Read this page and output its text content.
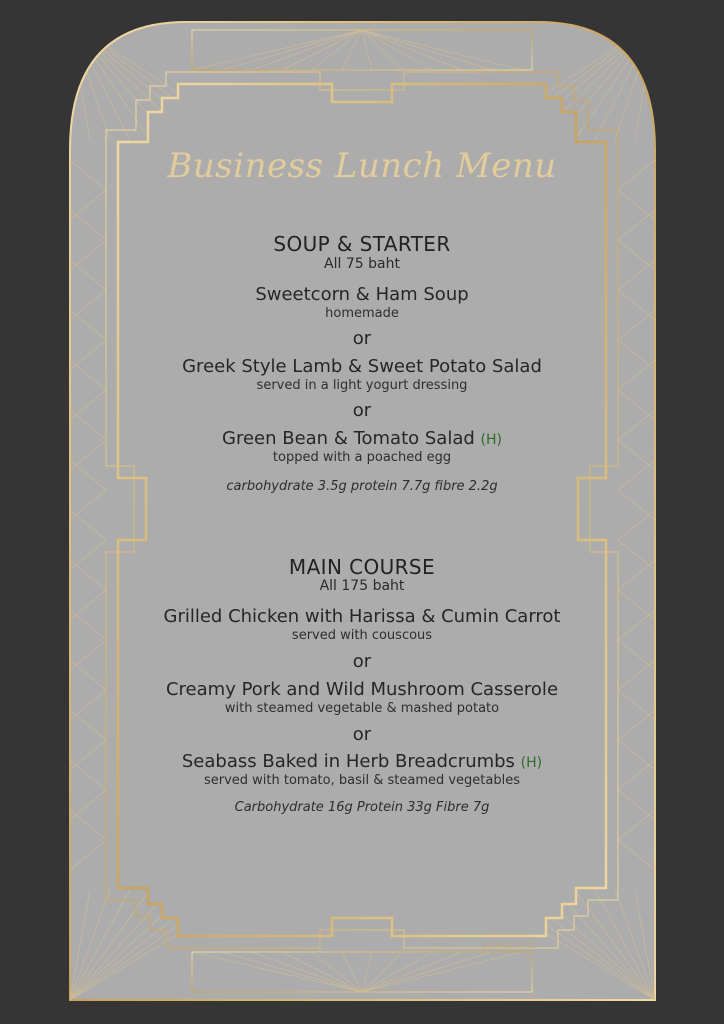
Business Lunch Menu
SOUP & STARTER
All 75 baht
Sweetcorn & Ham Soup
homemade
or
Greek Style Lamb & Sweet Potato Salad
served in a light yogurt dressing
or
Green Bean & Tomato Salad (H)
topped with a poached egg
carbohydrate 3.5g protein 7.7g fibre 2.2g
MAIN COURSE
All 175 baht
Grilled Chicken with Harissa & Cumin Carrot
served with couscous
or
Creamy Pork and Wild Mushroom Casserole
with steamed vegetable & mashed potato
or
Seabass Baked in Herb Breadcrumbs (H)
served with tomato, basil & steamed vegetables
Carbohydrate 16g Protein 33g Fibre 7g
20.06-01.07.22
